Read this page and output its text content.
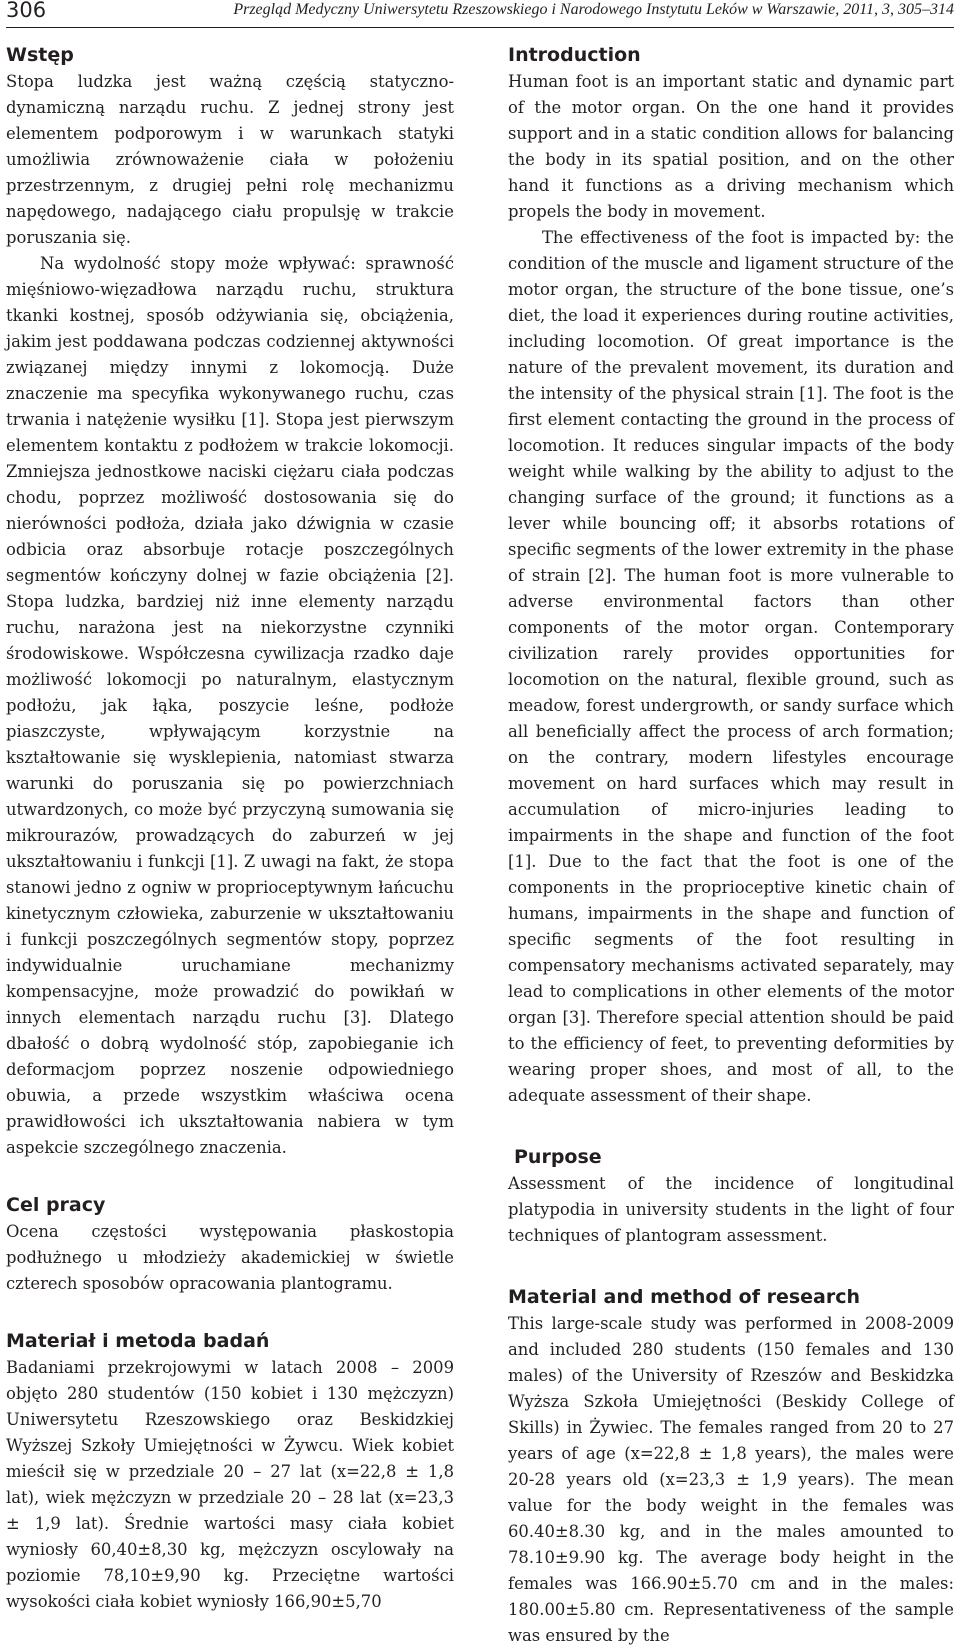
306	Przegląd Medyczny Uniwersytetu Rzeszowskiego i Narodowego Instytutu Leków w Warszawie, 2011, 3, 305–314
Wstęp

Stopa ludzka jest ważną częścią statyczno-dynamiczną narządu ruchu. Z jednej strony jest elementem podporowym i w warunkach statyki umożliwia zrównoważenie ciała w położeniu przestrzennym, z drugiej pełni rolę mechanizmu napędowego, nadającego ciału propulsję w trakcie poruszania się.

Na wydolność stopy może wpływać: sprawność mięśniowo-więzadłowa narządu ruchu, struktura tkanki kostnej, sposób odżywiania się, obciążenia, jakim jest poddawana podczas codziennej aktywności związanej między innymi z lokomocją. Duże znaczenie ma specyfika wykonywanego ruchu, czas trwania i natężenie wysiłku [1]. Stopa jest pierwszym elementem kontaktu z podłożem w trakcie lokomocji. Zmniejsza jednostkowe naciski ciężaru ciała podczas chodu, poprzez możliwość dostosowania się do nierówności podłoża, działa jako dźwignia w czasie odbicia oraz absorbuje rotacje poszczególnych segmentów kończyny dolnej w fazie obciążenia [2]. Stopa ludzka, bardziej niż inne elementy narządu ruchu, narażona jest na niekorzystne czynniki środowiskowe. Współczesna cywilizacja rzadko daje możliwość lokomocji po naturalnym, elastycznym podłożu, jak łąka, poszycie leśne, podłoże piaszczyste, wpływającym korzystnie na kształtowanie się wysklepienia, natomiast stwarza warunki do poruszania się po powierzchniach utwardzonych, co może być przyczyną sumowania się mikrourazów, prowadzących do zaburzeń w jej ukształtowaniu i funkcji [1]. Z uwagi na fakt, że stopa stanowi jedno z ogniw w proprioceptywnym łańcuchu kinetycznym człowieka, zaburzenie w ukształtowaniu i funkcji poszczególnych segmentów stopy, poprzez indywidualnie uruchamiane mechanizmy kompensacyjne, może prowadzić do powikłań w innych elementach narządu ruchu [3]. Dlatego dbałość o dobrą wydolność stóp, zapobieganie ich deformacjom poprzez noszenie odpowiedniego obuwia, a przede wszystkim właściwa ocena prawidłowości ich ukształtowania nabiera w tym aspekcie szczególnego znaczenia.

Cel pracy

Ocena częstości występowania płaskostopia podłużnego u młodzieży akademickiej w świetle czterech sposobów opracowania plantogramu.

Materiał i metoda badań

Badaniami przekrojowymi w latach 2008 – 2009 objęto 280 studentów (150 kobiet i 130 mężczyzn) Uniwersytetu Rzeszowskiego oraz Beskidzkiej Wyższej Szkoły Umiejętności w Żywcu. Wiek kobiet mieścił się w przedziale 20 – 27 lat (x=22,8 ± 1,8 lat), wiek mężczyzn w przedziale 20 – 28 lat (x=23,3 ± 1,9 lat). Średnie wartości masy ciała kobiet wyniosły 60,40±8,30 kg, mężczyzn oscylowały na poziomie 78,10±9,90 kg. Przeciętne wartości wysokości ciała kobiet wyniosły 166,90±5,70

Introduction

Human foot is an important static and dynamic part of the motor organ. On the one hand it provides support and in a static condition allows for balancing the body in its spatial position, and on the other hand it functions as a driving mechanism which propels the body in movement.

The effectiveness of the foot is impacted by: the condition of the muscle and ligament structure of the motor organ, the structure of the bone tissue, one’s diet, the load it experiences during routine activities, including locomotion. Of great importance is the nature of the prevalent movement, its duration and the intensity of the physical strain [1]. The foot is the first element contacting the ground in the process of locomotion. It reduces singular impacts of the body weight while walking by the ability to adjust to the changing surface of the ground; it functions as a lever while bouncing off; it absorbs rotations of specific segments of the lower extremity in the phase of strain [2]. The human foot is more vulnerable to adverse environmental factors than other components of the motor organ. Contemporary civilization rarely provides opportunities for locomotion on the natural, flexible ground, such as meadow, forest undergrowth, or sandy surface which all beneficially affect the process of arch formation; on the contrary, modern lifestyles encourage movement on hard surfaces which may result in accumulation of micro-injuries leading to impairments in the shape and function of the foot [1]. Due to the fact that the foot is one of the components in the proprioceptive kinetic chain of humans, impairments in the shape and function of specific segments of the foot resulting in compensatory mechanisms activated separately, may lead to complications in other elements of the motor organ [3]. Therefore special attention should be paid to the efficiency of feet, to preventing deformities by wearing proper shoes, and most of all, to the adequate assessment of their shape.

Purpose

Assessment of the incidence of longitudinal platypodia in university students in the light of four techniques of plantogram assessment.

Material and method of research

This large-scale study was performed in 2008-2009 and included 280 students (150 females and 130 males) of the University of Rzeszów and Beskidzka Wyższa Szkoła Umiejętności (Beskidy College of Skills) in Żywiec. The females ranged from 20 to 27 years of age (x=22,8 ± 1,8 years), the males were 20-28 years old (x=23,3 ± 1,9 years). The mean value for the body weight in the females was 60.40±8.30 kg, and in the males amounted to 78.10±9.90 kg. The average body height in the females was 166.90±5.70 cm and in the males: 180.00±5.80 cm. Representativeness of the sample was ensured by the
